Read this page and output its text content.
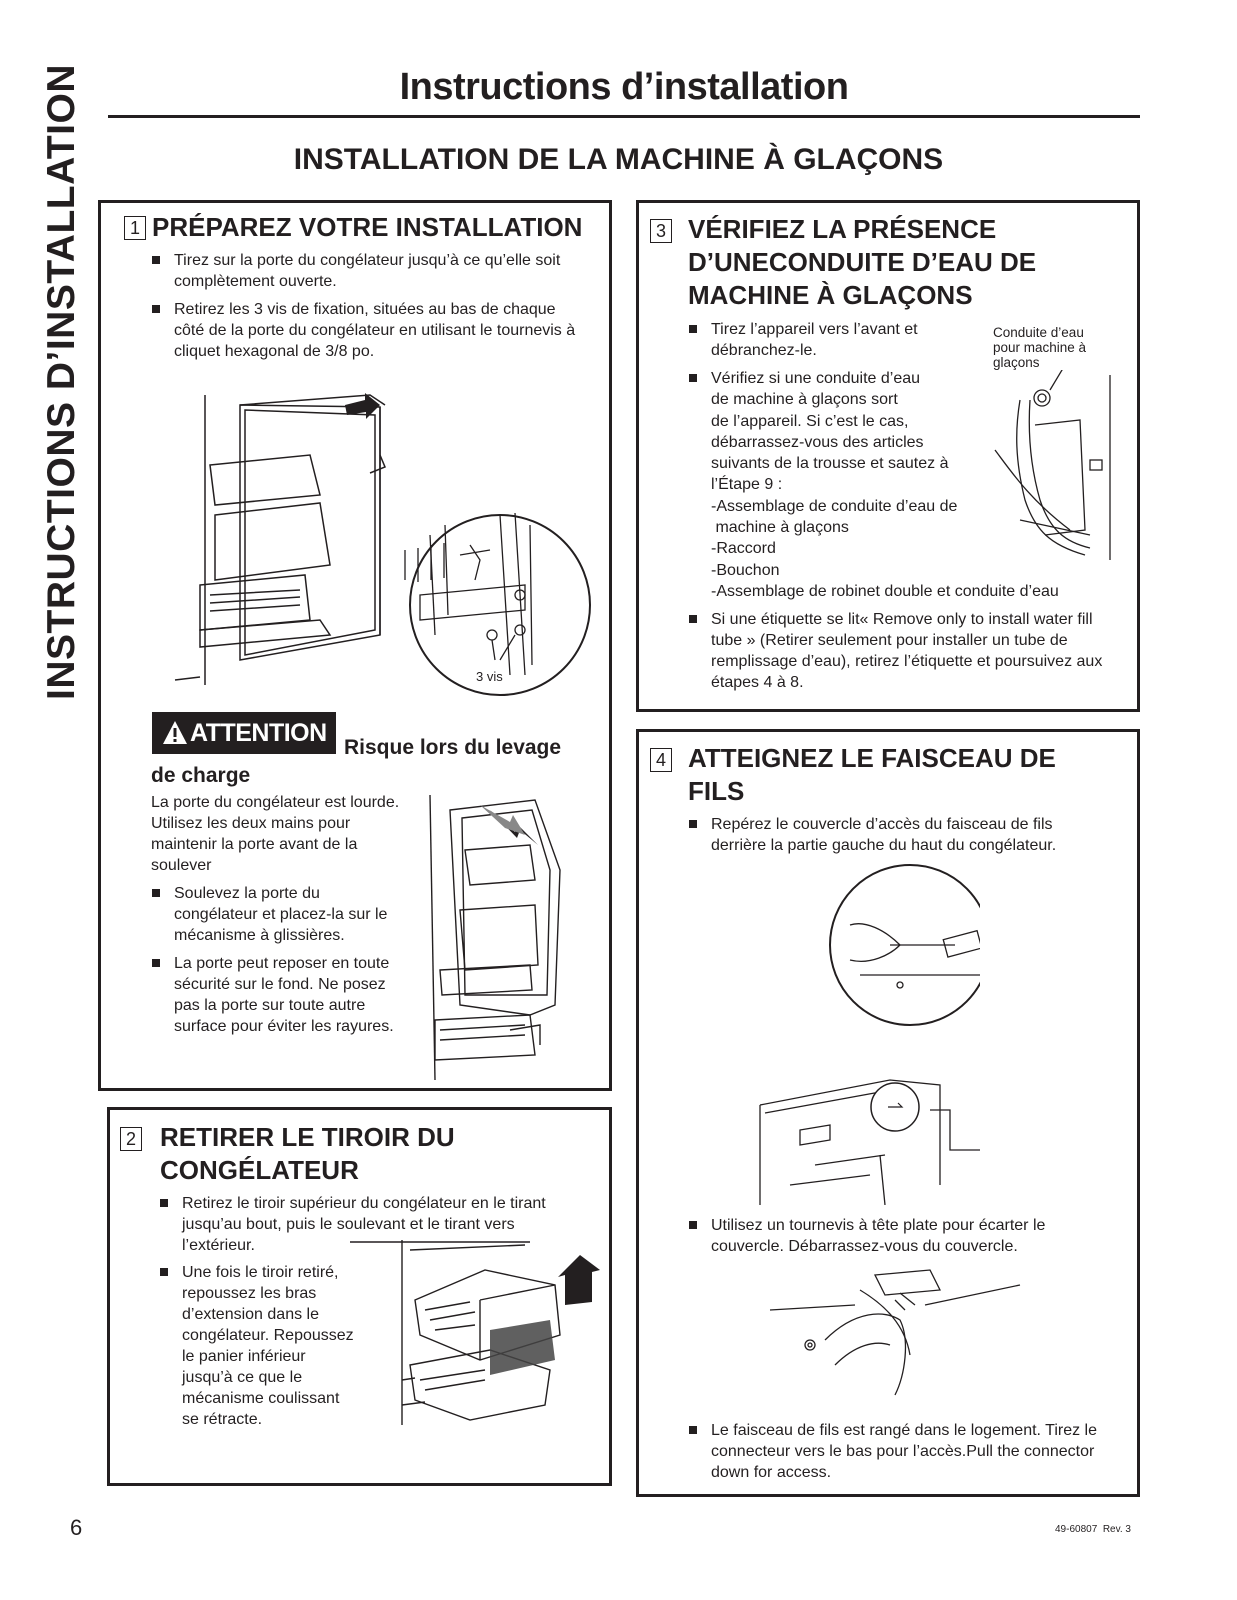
INSTRUCTIONS D’INSTALLATION	Instructions d’installation
INSTALLATION DE LA MACHINE À GLAÇONS
1 PRÉPAREZ VOTRE INSTALLATION
Tirez sur la porte du congélateur jusqu’à ce qu’elle soit complètement ouverte.
Retirez les 3 vis de fixation, situées au bas de chaque côté de la porte du congélateur en utilisant le tournevis à cliquet hexagonal de 3/8 po.
3 vis
ATTENTION
Risque lors du levage
de charge
La porte du congélateur est lourde. Utilisez les deux mains pour maintenir la porte avant de la soulever
Soulevez la porte du congélateur et placez-la sur le mécanisme à glissières.
La porte peut reposer en toute sécurité sur le fond. Ne posez pas la porte sur toute autre surface pour éviter les rayures.
2 RETIRER LE TIROIR DU
CONGÉLATEUR
Retirez le tiroir supérieur du congélateur en le tirant jusqu’au bout, puis le soulevant et le tirant vers l’extérieur.
Une fois le tiroir retiré, repoussez les bras d’extension dans le congélateur. Repoussez le panier inférieur jusqu’à ce que le mécanisme coulissant se rétracte.
3 VÉRIFIEZ LA PRÉSENCE
D’UNECONDUITE D’EAU DE
MACHINE À GLAÇONS
Tirez l’appareil vers l’avant et débranchez-le.
Vérifiez si une conduite d’eau
de machine à glaçons sort
de l’appareil. Si c’est le cas,
débarrassez-vous des articles
suivants de la trousse et sautez à
l’Étape 9 :
-Assemblage de conduite d’eau de
machine à glaçons
-Raccord
-Bouchon
-Assemblage de robinet double et conduite d’eau
Si une étiquette se lit« Remove only to install water fill tube » (Retirer seulement pour installer un tube de remplissage d’eau), retirez l’étiquette et poursuivez aux étapes 4 à 8.
Conduite d’eau pour machine à glaçons
4 ATTEIGNEZ LE FAISCEAU DE
FILS
Repérez le couvercle d’accès du faisceau de fils derrière la partie gauche du haut du congélateur.
Utilisez un tournevis à tête plate pour écarter le couvercle. Débarrassez-vous du couvercle.
Le faisceau de fils est rangé dans le logement. Tirez le connecteur vers le bas pour l’accès.Pull the connector down for access.
6	49-60807  Rev. 3
